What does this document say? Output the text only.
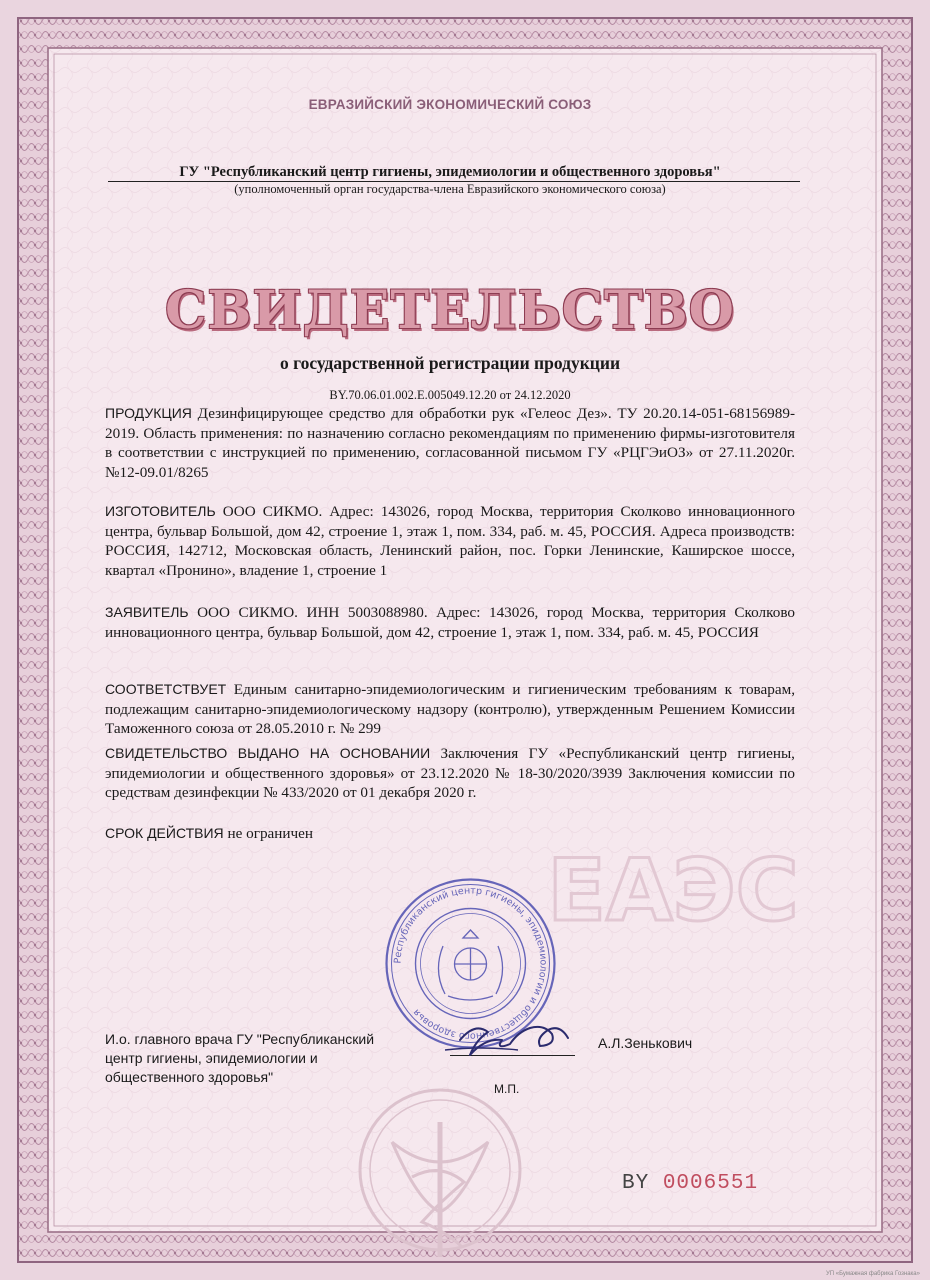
ЕАЭС
ЕВРАЗИЙСКИЙ ЭКОНОМИЧЕСКИЙ СОЮЗ
ГУ "Республиканский центр гигиены, эпидемиологии и общественного здоровья"
(уполномоченный орган государства-члена Евразийского экономического союза)
СВИДЕТЕЛЬСТВО
о государственной регистрации продукции
BY.70.06.01.002.E.005049.12.20 от 24.12.2020
ПРОДУКЦИЯ Дезинфицирующее средство для обработки рук «Гелеос Дез». ТУ 20.20.14-051-68156989-2019. Область применения: по назначению согласно рекомендациям по применению фирмы-изготовителя в соответствии с инструкцией по применению, согласованной письмом ГУ «РЦГЭиОЗ» от 27.11.2020г. №12-09.01/8265
ИЗГОТОВИТЕЛЬ ООО СИКМО. Адрес: 143026, город Москва, территория Сколково инновационного центра, бульвар Большой, дом 42, строение 1, этаж 1, пом. 334, раб. м. 45, РОССИЯ. Адреса производств: РОССИЯ, 142712, Московская область, Ленинский район, пос. Горки Ленинские, Каширское шоссе, квартал «Пронино», владение 1, строение 1
ЗАЯВИТЕЛЬ ООО СИКМО. ИНН 5003088980. Адрес: 143026, город Москва, территория Сколково инновационного центра, бульвар Большой, дом 42, строение 1, этаж 1, пом. 334, раб. м. 45, РОССИЯ
СООТВЕТСТВУЕТ Единым санитарно-эпидемиологическим и гигиеническим требованиям к товарам, подлежащим санитарно-эпидемиологическому надзору (контролю), утвержденным Решением Комиссии Таможенного союза от 28.05.2010 г. № 299
СВИДЕТЕЛЬСТВО ВЫДАНО НА ОСНОВАНИИ Заключения ГУ «Республиканский центр гигиены, эпидемиологии и общественного здоровья» от 23.12.2020 № 18-30/2020/3939 Заключения комиссии по средствам дезинфекции № 433/2020 от 01 декабря 2020 г.
СРОК ДЕЙСТВИЯ не ограничен
И.о. главного врача ГУ "Республиканский
центр гигиены, эпидемиологии и
общественного здоровья"
А.Л.Зенькович
М.П.
Республиканский центр гигиены, эпидемиологии и общественного здоровья
BY 0006551
УП «Бумажная фабрика Гознака»
